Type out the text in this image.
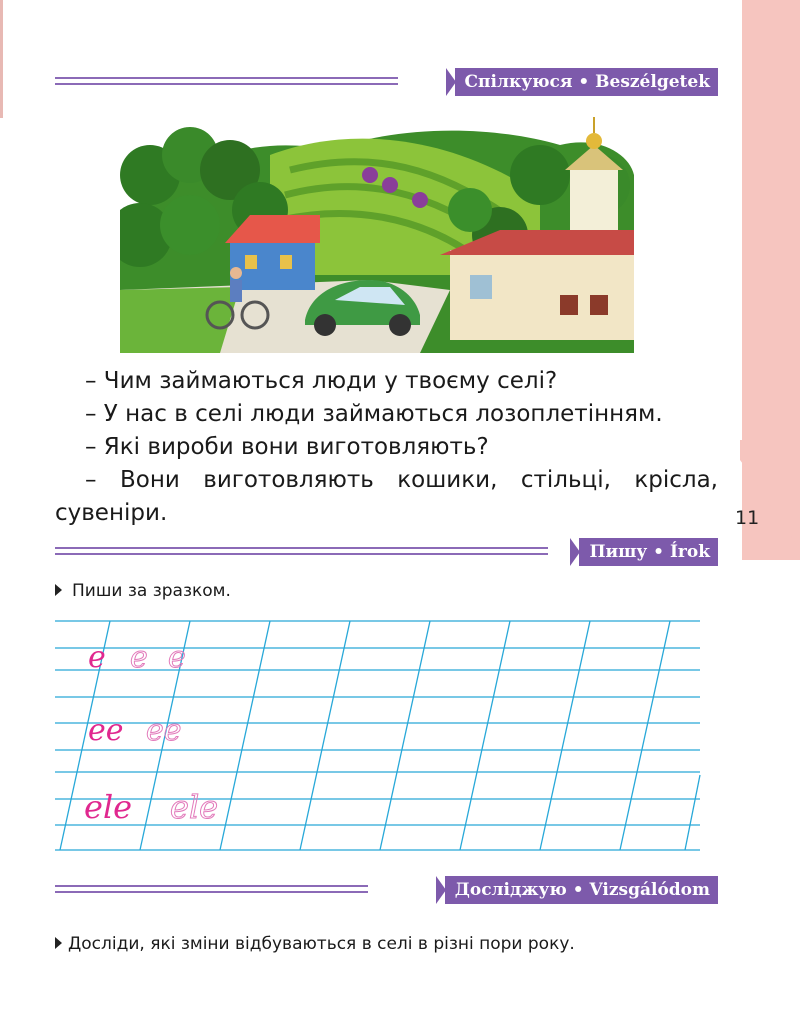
11
Спілкуюся • Beszélgetek

– Чим займаються люди у твоєму селі?

– У нас в селі люди займаються лозоплетінням.

– Які вироби вони виготовляють?

– Вони виготовляють кошики, стільці, крісла,

сувеніри.

Пишу • Írok
Пиши за зразком.
e e e
ee ee
ele ele
Досліджую • Vizsgálódom
Досліди, які зміни відбуваються в селі в різні пори року.
